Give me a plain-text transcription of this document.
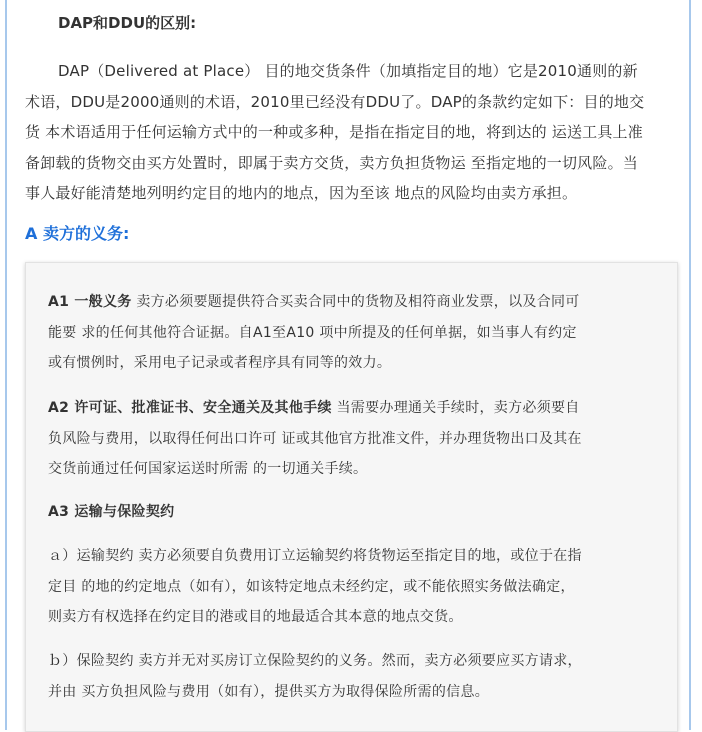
DAP和DDU的区别:
DAP（Delivered at Place） 目的地交货条件（加填指定目的地）它是2010通则的新
术语，DDU是2000通则的术语，2010里已经没有DDU了。DAP的条款约定如下：目的地交
货 本术语适用于任何运输方式中的一种或多种，是指在指定目的地，将到达的 运送工具上准
备卸载的货物交由买方处置时，即属于卖方交货，卖方负担货物运 至指定地的一切风险。当
事人最好能清楚地列明约定目的地内的地点，因为至该 地点的风险均由卖方承担。
A 卖方的义务:
A1 一般义务 卖方必须要题提供符合买卖合同中的货物及相符商业发票，以及合同可
能要 求的任何其他符合证据。自A1至A10 项中所提及的任何单据，如当事人有约定
或有惯例时，采用电子记录或者程序具有同等的效力。
A2 许可证、批准证书、安全通关及其他手续 当需要办理通关手续时，卖方必须要自
负风险与费用，以取得任何出口许可 证或其他官方批准文件，并办理货物出口及其在
交货前通过任何国家运送时所需 的一切通关手续。
A3 运输与保险契约
ａ）运输契约 卖方必须要自负费用订立运输契约将货物运至指定目的地，或位于在指
定目 的地的约定地点（如有），如该特定地点未经约定，或不能依照实务做法确定，
则卖方有权选择在约定目的港或目的地最适合其本意的地点交货。
ｂ）保险契约 卖方并无对买房订立保险契约的义务。然而，卖方必须要应买方请求，
并由 买方负担风险与费用（如有），提供买方为取得保险所需的信息。
